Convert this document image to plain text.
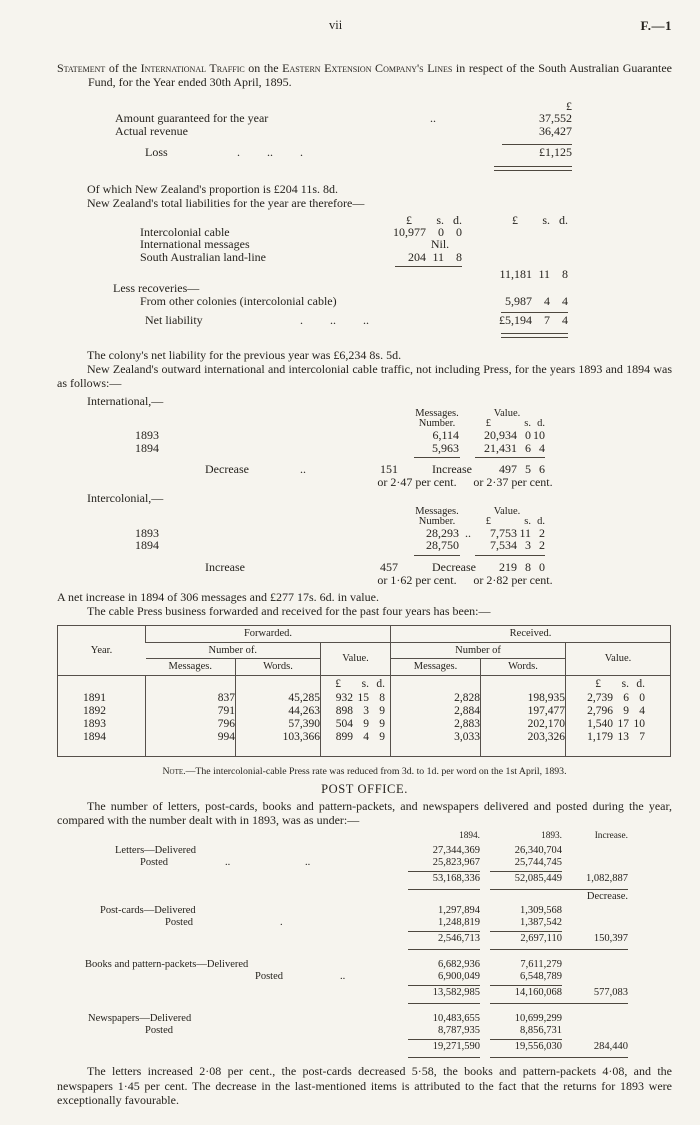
vii	F.—1

Statement of the International Traffic on the Eastern Extension Company's Lines in respect of the South Australian Guarantee Fund, for the Year ended 30th April, 1895.

£
Amount guaranteed for the year	..	37,552
Actual revenue	36,427
Loss	.         ..         .	£1,125

Of which New Zealand's proportion is £204 11s. 8d.

New Zealand's total liabilities for the year are therefore—

£	s. d.	£	s. d.
Intercolonial cable	10,977	0	0
International messages	Nil.
South Australian land-line	204 11	8
11,181 11	8
Less recoveries—
From other colonies (intercolonial cable)	5,987	4	4
Net liability	.         ..         ..	£5,194	7	4

The colony's net liability for the previous year was £6,234 8s. 5d.

New Zealand's outward international and intercolonial cable traffic, not including Press, for the years 1893 and 1894 was as follows:—

International,—

Messages.	Value.
Number.	£	s. d.
1893	6,114	20,934 0 10
1894	5,963	21,431 6 4
Decrease	..	151	Increase	497 5 6
or 2·47 per cent.	or 2·37 per cent.

Intercolonial,—

Messages.	Value.
Number.	£	s. d.
1893	28,293 ..	7,753 11 2
1894	28,750	7,534 3 2
Increase	457	Decrease	219 8 0
or 1·62 per cent.	or 2·82 per cent.

A net increase in 1894 of 306 messages and £277 17s. 6d. in value.

The cable Press business forwarded and received for the past four years has been:—

Year.	Forwarded.			Received.		
	Number of.		Value.	Number of		Value.
	Messages.	Words.		Messages.	Words.	

			£ s. d.			£ s. d.

1891	837	45,285	932 15 8	2,828	198,935	2,739 6 0

1892	791	44,263	898 3 9	2,884	197,477	2,796 9 4

1893	796	57,390	504 9 9	2,883	202,170	1,540 17 10

1894	994	103,366	899 4 9	3,033	203,326	1,179 13 7

Note.—The intercolonial-cable Press rate was reduced from 3d. to 1d. per word on the 1st April, 1893.

POST OFFICE.

The number of letters, post-cards, books and pattern-packets, and newspapers delivered and posted during the year, compared with the number dealt with in 1893, was as under:—

1894.	1893.	Increase.
Letters—Delivered	27,344,369	26,340,704
Posted	..	..	25,823,967	25,744,745
53,168,336	52,085,449	1,082,887
Decrease.
Post-cards—Delivered	1,297,894	1,309,568
Posted	.	1,248,819	1,387,542
2,546,713	2,697,110	150,397
Books and pattern-packets—Delivered	6,682,936	7,611,279
Posted	..	6,900,049	6,548,789
13,582,985	14,160,068	577,083
Newspapers—Delivered	10,483,655	10,699,299
Posted	8,787,935	8,856,731
19,271,590	19,556,030	284,440

The letters increased 2·08 per cent., the post-cards decreased 5·58, the books and pattern-packets 4·08, and the newspapers 1·45 per cent. The decrease in the last-mentioned items is attributed to the fact that the returns for 1893 were exceptionally favourable.
